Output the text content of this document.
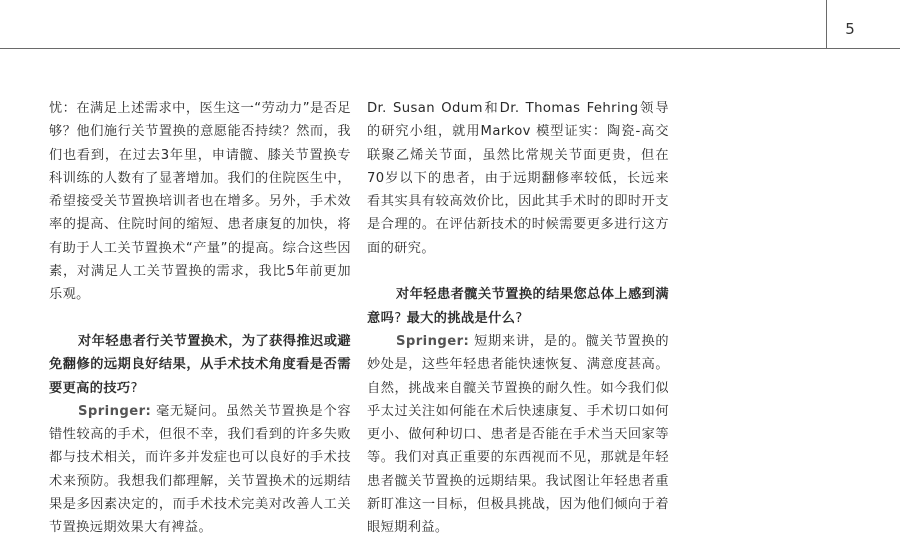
5

忧：在满足上述需求中，医生这一“劳动力”是否足够？他们施行关节置换的意愿能否持续？然而，我们也看到，在过去3年里，申请髋、膝关节置换专科训练的人数有了显著增加。我们的住院医生中，希望接受关节置换培训者也在增多。另外，手术效率的提高、住院时间的缩短、患者康复的加快，将有助于人工关节置换术“产量”的提高。综合这些因素，对满足人工关节置换的需求，我比5年前更加乐观。

对年轻患者行关节置换术，为了获得推迟或避免翻修的远期良好结果，从手术技术角度看是否需要更高的技巧?

Springer: 毫无疑问。虽然关节置换是个容错性较高的手术，但很不幸，我们看到的许多失败都与技术相关，而许多并发症也可以良好的手术技术来预防。我想我们都理解，关节置换术的远期结果是多因素决定的，而手术技术完美对改善人工关节置换远期效果大有裨益。

Dr. Susan Odum和Dr. Thomas Fehring领导的研究小组，就用Markov 模型证实：陶瓷-高交联聚乙烯关节面，虽然比常规关节面更贵，但在70岁以下的患者，由于远期翻修率较低，长远来看其实具有较高效价比，因此其手术时的即时开支是合理的。在评估新技术的时候需要更多进行这方面的研究。

对年轻患者髋关节置换的结果您总体上感到满意吗? 最大的挑战是什么?

Springer: 短期来讲，是的。髋关节置换的妙处是，这些年轻患者能快速恢复、满意度甚高。自然，挑战来自髋关节置换的耐久性。如今我们似乎太过关注如何能在术后快速康复、手术切口如何更小、做何种切口、患者是否能在手术当天回家等等。我们对真正重要的东西视而不见，那就是年轻患者髋关节置换的远期结果。我试图让年轻患者重新盯准这一目标，但极具挑战，因为他们倾向于着眼短期利益。
